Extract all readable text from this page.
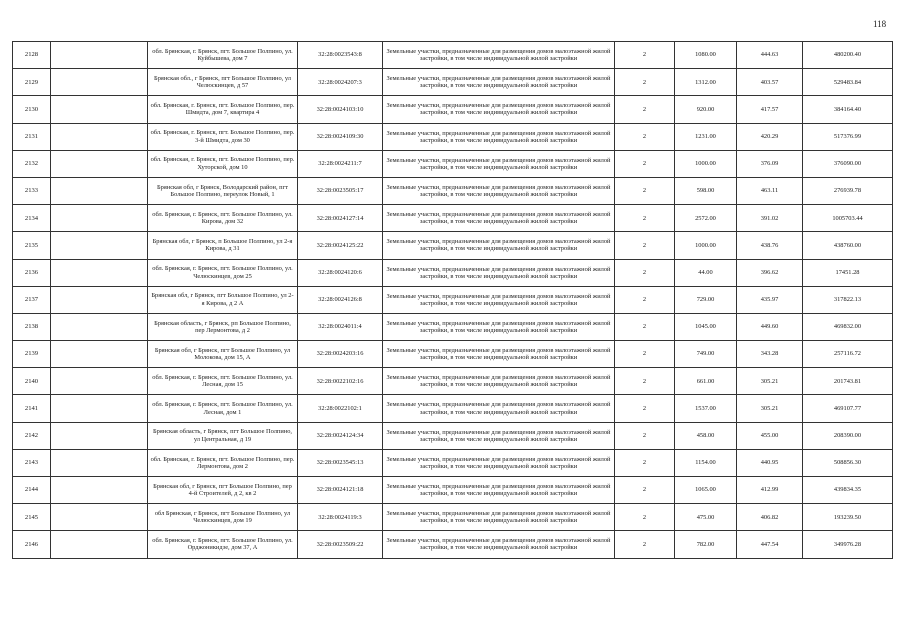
118
2128		обл. Брянская, г. Брянск, пгт. Большое Полпино, ул. Куйбышева, дом 7	32:28:0023543:8	Земельные участки, предназначенные для размещения домов малоэтажной жилой застройки, в том числе индивидуальной жилой застройки	2	1080.00	444.63	480200.40
2129		Брянская обл., г Брянск, пгт Большое Полпино, ул Челюскинцев, д 57	32:28:0024207:3	Земельные участки, предназначенные для размещения домов малоэтажной жилой застройки, в том числе индивидуальной жилой застройки	2	1312.00	403.57	529483.84
2130		обл. Брянская, г. Брянск, пгт. Большое Полпино, пер. Шмидта, дом 7, квартира 4	32:28:0024103:10	Земельные участки, предназначенные для размещения домов малоэтажной жилой застройки, в том числе индивидуальной жилой застройки	2	920.00	417.57	384164.40
2131		обл. Брянская, г. Брянск, пгт. Большое Полпино, пер. 3-й Шмидта, дом 30	32:28:0024109:30	Земельные участки, предназначенные для размещения домов малоэтажной жилой застройки, в том числе индивидуальной жилой застройки	2	1231.00	420.29	517376.99
2132		обл. Брянская, г. Брянск, пгт. Большое Полпино, пер. Хуторской, дом 10	32:28:0024211:7	Земельные участки, предназначенные для размещения домов малоэтажной жилой застройки, в том числе индивидуальной жилой застройки	2	1000.00	376.09	376090.00
2133		Брянская обл, г Брянск, Володарский район, пгт Большое Полпино, переулок Новый, 1	32:28:0023505:17	Земельные участки, предназначенные для размещения домов малоэтажной жилой застройки, в том числе индивидуальной жилой застройки	2	598.00	463.11	276939.78
2134		обл. Брянская, г. Брянск, пгт. Большое Полпино, ул. Кирова, дом 32	32:28:0024127:14	Земельные участки, предназначенные для размещения домов малоэтажной жилой застройки, в том числе индивидуальной жилой застройки	2	2572.00	391.02	1005703.44
2135		Брянская обл, г Брянск, п Большое Полпино, ул 2-я Кирова, д 31	32:28:0024125:22	Земельные участки, предназначенные для размещения домов малоэтажной жилой застройки, в том числе индивидуальной жилой застройки	2	1000.00	438.76	438760.00
2136		обл. Брянская, г. Брянск, пгт. Большое Полпино, ул. Челюскинцев, дом 25	32:28:0024120:6	Земельные участки, предназначенные для размещения домов малоэтажной жилой застройки, в том числе индивидуальной жилой застройки	2	44.00	396.62	17451.28
2137		Брянская обл, г Брянск, пгт Большое Полпино, ул 2-я Кирова, д 2 А	32:28:0024126:8	Земельные участки, предназначенные для размещения домов малоэтажной жилой застройки, в том числе индивидуальной жилой застройки	2	729.00	435.97	317822.13
2138		Брянская область, г Брянск, рп Большое Полпино, пер Лермонтова, д 2	32:28:0024011:4	Земельные участки, предназначенные для размещения домов малоэтажной жилой застройки, в том числе индивидуальной жилой застройки	2	1045.00	449.60	469832.00
2139		Брянская обл, г Брянск, пгт Большое Полпино, ул Молокова, дом 15, А	32:28:0024203:16	Земельные участки, предназначенные для размещения домов малоэтажной жилой застройки, в том числе индивидуальной жилой застройки	2	749.00	343.28	257116.72
2140		обл. Брянская, г. Брянск, пгт. Большое Полпино, ул. Лесная, дом 15	32:28:0022102:16	Земельные участки, предназначенные для размещения домов малоэтажной жилой застройки, в том числе индивидуальной жилой застройки	2	661.00	305.21	201743.81
2141		обл. Брянская, г. Брянск, пгт. Большое Полпино, ул. Лесная, дом 1	32:28:0022102:1	Земельные участки, предназначенные для размещения домов малоэтажной жилой застройки, в том числе индивидуальной жилой застройки	2	1537.00	305.21	469107.77
2142		Брянская область, г Брянск, пгт Большое Полпино, ул Центральная, д 19	32:28:0024124:34	Земельные участки, предназначенные для размещения домов малоэтажной жилой застройки, в том числе индивидуальной жилой застройки	2	458.00	455.00	208390.00
2143		обл. Брянская, г. Брянск, пгт. Большое Полпино, пер. Лермонтова, дом 2	32:28:0023545:13	Земельные участки, предназначенные для размещения домов малоэтажной жилой застройки, в том числе индивидуальной жилой застройки	2	1154.00	440.95	508856.30
2144		Брянская обл, г Брянск, пгт Большое Полпино, пер 4-й Строителей, д 2, кв 2	32:28:0024121:18	Земельные участки, предназначенные для размещения домов малоэтажной жилой застройки, в том числе индивидуальной жилой застройки	2	1065.00	412.99	439834.35
2145		обл Брянская, г Брянск, пгт Большое Полпино, ул Челюскинцев, дом 19	32:28:0024119:3	Земельные участки, предназначенные для размещения домов малоэтажной жилой застройки, в том числе индивидуальной жилой застройки	2	475.00	406.82	193239.50
2146		обл. Брянская, г. Брянск, пгт. Большое Полпино, ул. Орджоникидзе, дом 37, А	32:28:0023509:22	Земельные участки, предназначенные для размещения домов малоэтажной жилой застройки, в том числе индивидуальной жилой застройки	2	782.00	447.54	349976.28
